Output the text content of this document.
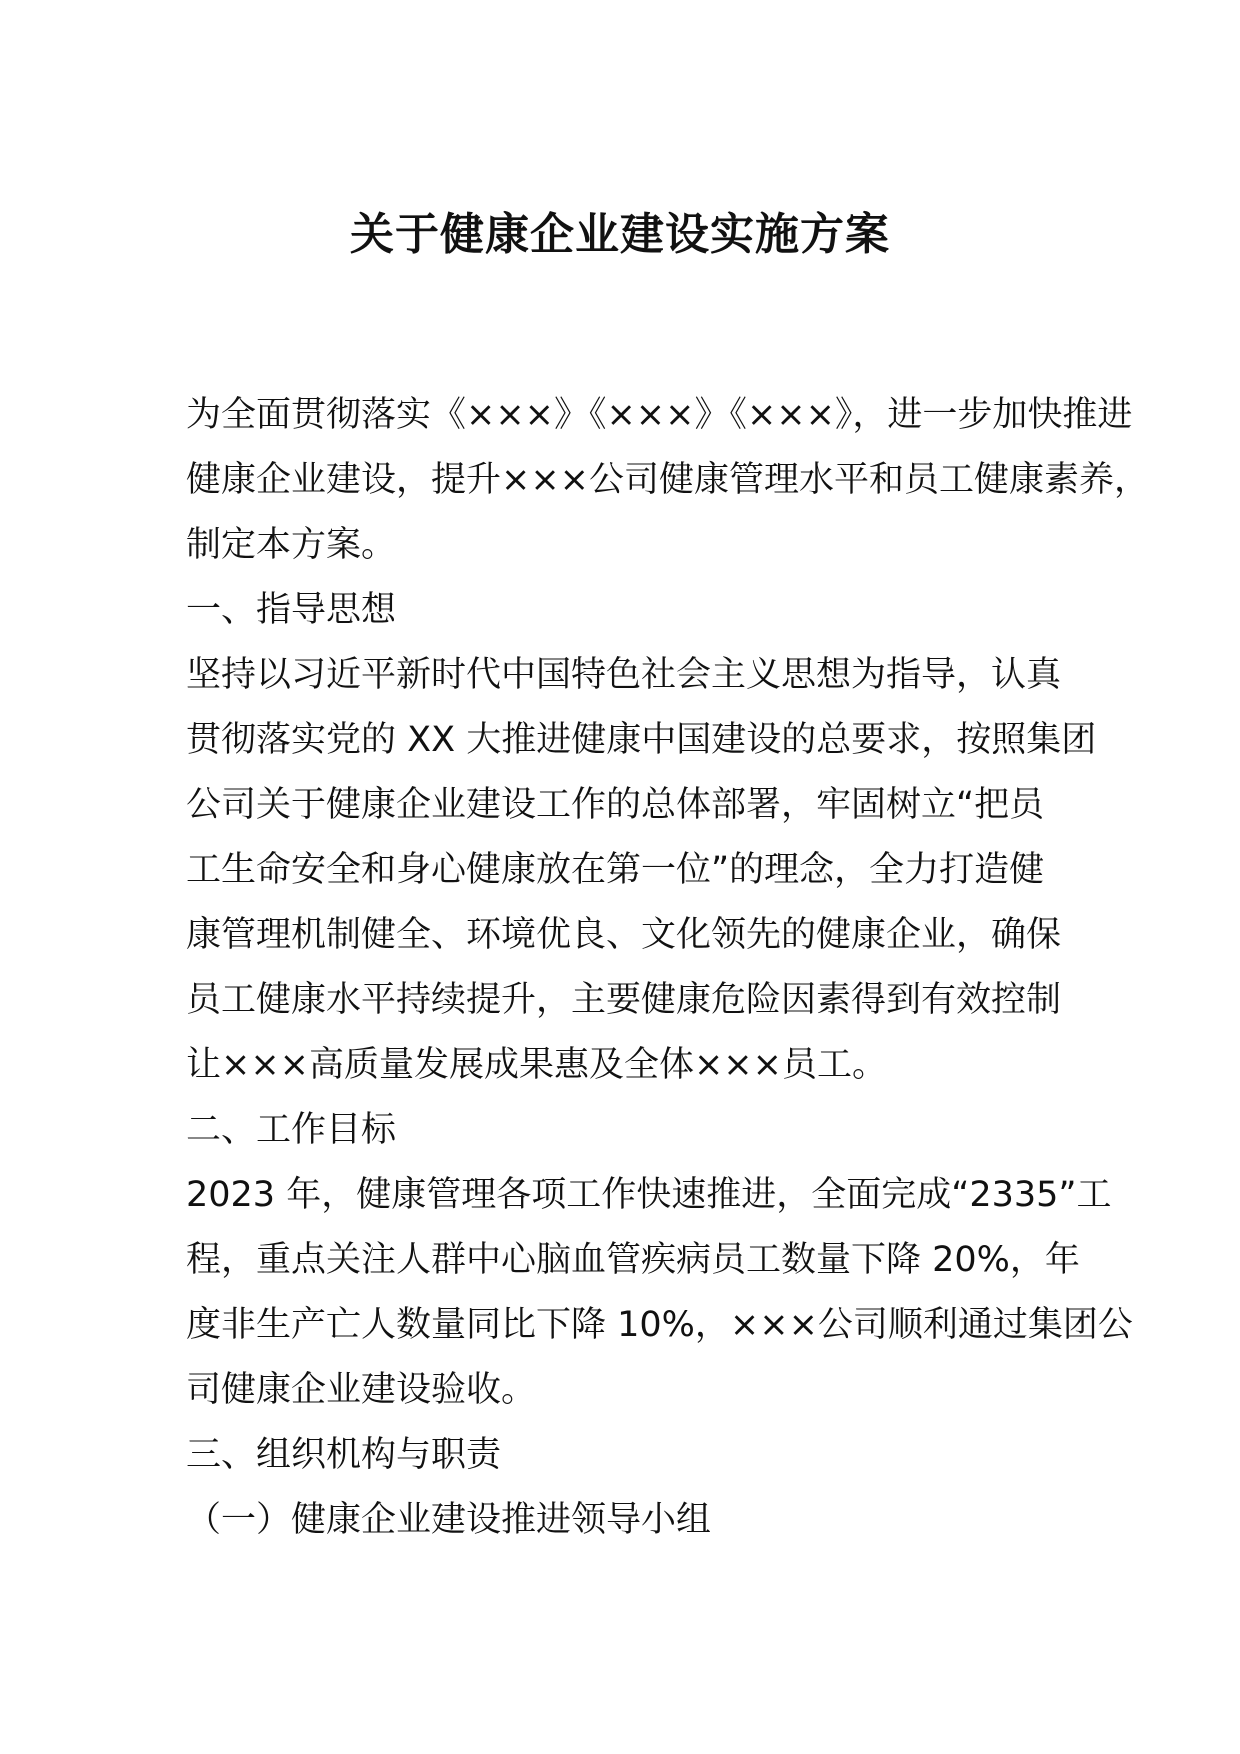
关于健康企业建设实施方案
为全面贯彻落实《×××》《×××》《×××》，进一步加快推进
健康企业建设，提升×××公司健康管理水平和员工健康素养，
制定本方案。
一、指导思想
坚持以习近平新时代中国特色社会主义思想为指导，认真
贯彻落实党的 XX 大推进健康中国建设的总要求，按照集团
公司关于健康企业建设工作的总体部署，牢固树立“把员
工生命安全和身心健康放在第一位”的理念，全力打造健
康管理机制健全、环境优良、文化领先的健康企业，确保
员工健康水平持续提升，主要健康危险因素得到有效控制
让×××高质量发展成果惠及全体×××员工。
二、工作目标
2023 年，健康管理各项工作快速推进，全面完成“2335”工
程，重点关注人群中心脑血管疾病员工数量下降 20%，年
度非生产亡人数量同比下降 10%，×××公司顺利通过集团公
司健康企业建设验收。
三、组织机构与职责
（一）健康企业建设推进领导小组
